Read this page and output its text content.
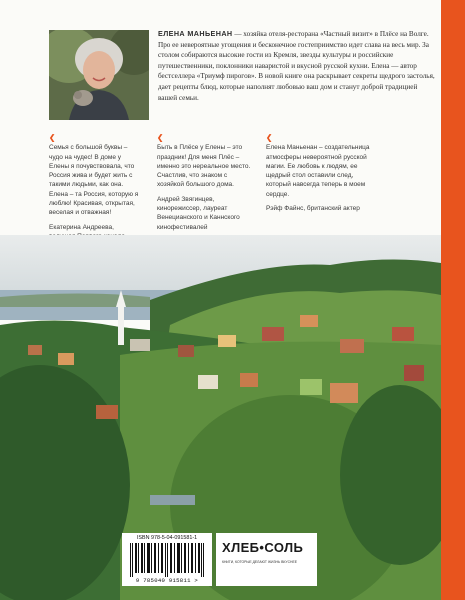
ЕЛЕНА МАНЬЕНАН — хозяйка отеля-ресторана «Частный визит» в Плёсе на Волге. Про ее невероятные угощения и бесконечное гостеприимство идет слава на весь мир. За столом собираются высокие гости из Кремля, звезды культуры и российские путешественники, поклонники наваристой и вкусной русской кухни. Елена — автор бестселлера «Триумф пирогов». В новой книге она раскрывает секреты щедрого застолья, дает рецепты блюд, которые наполнят любовью ваш дом и станут доброй традицией вашей семьи.

❮
Семья с большой буквы – чудо на чудес! В доме у Елены я почувствовала, что Россия жива и будет жить с такими людьми, как она. Елена – та Россия, которую я люблю! Красивая, открытая, веселая и отважная!
Екатерина Андреева,
❮
Быть в Плёсе у Елены – это праздник! Для меня Плёс – именно это нереальное место. Счастлив, что знаком с хозяйкой большого дома.
Андрей Звягинцев, кинорежиссер, лауреат Венецианского и Каннского кинофестивалей
❮
Елена Маньенан – создательница атмосферы невероятной русской магии. Ее любовь к людям, ее щедрый стол оставили след, который навсегда теперь в моем сердце.
Рэйф Файнс, британский актер
ISBN 978-5-04-091581-1
9 785040 915811 >
ХЛЕБ•СОЛЬ
КНИГИ, КОТОРЫЕ ДЕЛАЮТ ЖИЗНЬ ВКУСНЕЕ
